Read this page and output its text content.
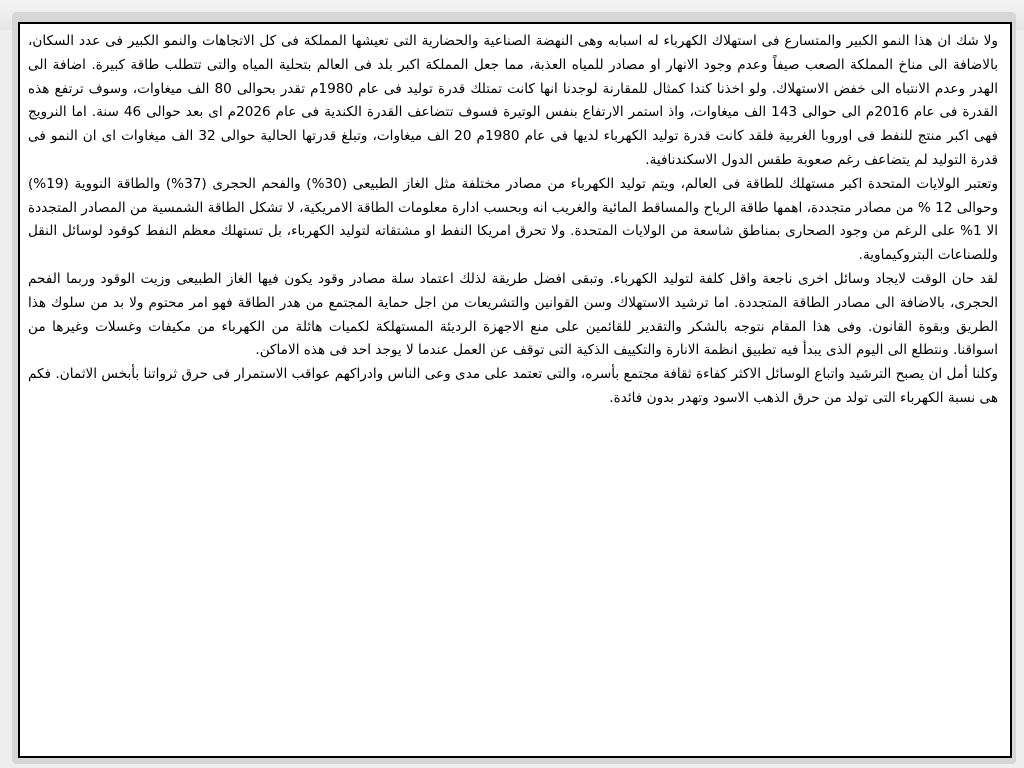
ولا شك ان هذا النمو الكبير والمتسارع فى استهلاك الكهرباء له اسبابه وهى النهضة الصناعية والحضارية التى تعيشها المملكة فى كل الاتجاهات والنمو الكبير فى عدد السكان، بالاضافة الى مناخ المملكة الصعب صيفاً وعدم وجود الانهار او مصادر للمياه العذبة، مما جعل المملكة اكبر بلد فى العالم بتحلية المياه والتى تتطلب طاقة كبيرة. اضافة الى الهدر وعدم الانتباه الى خفض الاستهلاك. ولو اخذنا كندا كمثال للمقارنة لوجدنا انها كانت تمتلك قدرة توليد فى عام 1980م تقدر بحوالى 80 الف ميغاوات، وسوف ترتفع هذه القدرة فى عام 2016م الى حوالى 143 الف ميغاوات، واذ استمر الارتفاع بنفس الوتيرة فسوف تتضاعف القدرة الكندية فى عام 2026م اى بعد حوالى 46 سنة. اما النرويج فهى اكبر منتج للنفط فى اوروبا الغربية فلقد كانت قدرة توليد الكهرباء لديها فى عام 1980م 20 الف ميغاوات، وتبلغ قدرتها الحالية حوالى 32 الف ميغاوات اى ان النمو فى قدرة التوليد لم يتضاعف رغم صعوبة طقس الدول الاسكندنافية.

وتعتبر الولايات المتحدة اكبر مستهلك للطاقة فى العالم، ويتم توليد الكهرباء من مصادر مختلفة مثل الغاز الطبيعى (30%) والفحم الحجرى (37%) والطاقة النووية (19%) وحوالى 12 % من مصادر متجددة، اهمها طاقة الرياح والمساقط المائية والغريب انه وبحسب ادارة معلومات الطاقة الامريكية، لا تشكل الطاقة الشمسية من المصادر المتجددة الا 1% على الرغم من وجود الصحارى بمناطق شاسعة من الولايات المتحدة. ولا تحرق امريكا النفط او مشتقاته لتوليد الكهرباء، بل تستهلك معظم النفط كوقود لوسائل النقل وللصناعات البتروكيماوية.

لقد حان الوقت لايجاد وسائل اخرى ناجعة واقل كلفة لتوليد الكهرباء. وتبقى افضل طريقة لذلك اعتماد سلة مصادر وقود يكون فيها الغاز الطبيعى وزيت الوقود وربما الفحم الحجرى، بالاضافة الى مصادر الطاقة المتجددة. اما ترشيد الاستهلاك وسن القوانين والتشريعات من اجل حماية المجتمع من هدر الطاقة فهو امر محتوم ولا بد من سلوك هذا الطريق وبقوة القانون. وفى هذا المقام نتوجه بالشكر والتقدير للقائمين على منع الاجهزة الرديئة المستهلكة لكميات هائلة من الكهرباء من مكيفات وغسلات وغيرها من اسواقنا. ونتطلع الى اليوم الذى يبدأ فيه تطبيق انظمة الانارة والتكييف الذكية التى توقف عن العمل عندما لا يوجد احد فى هذه الاماكن.

وكلنا أمل ان يصبح الترشيد واتباع الوسائل الاكثر كفاءة ثقافة مجتمع بأسره، والتى تعتمد على مدى وعى الناس وادراكهم عواقب الاستمرار فى حرق ثرواتنا بأبخس الاثمان. فكم هى نسبة الكهرباء التى تولد من حرق الذهب الاسود وتهدر بدون فائدة.
